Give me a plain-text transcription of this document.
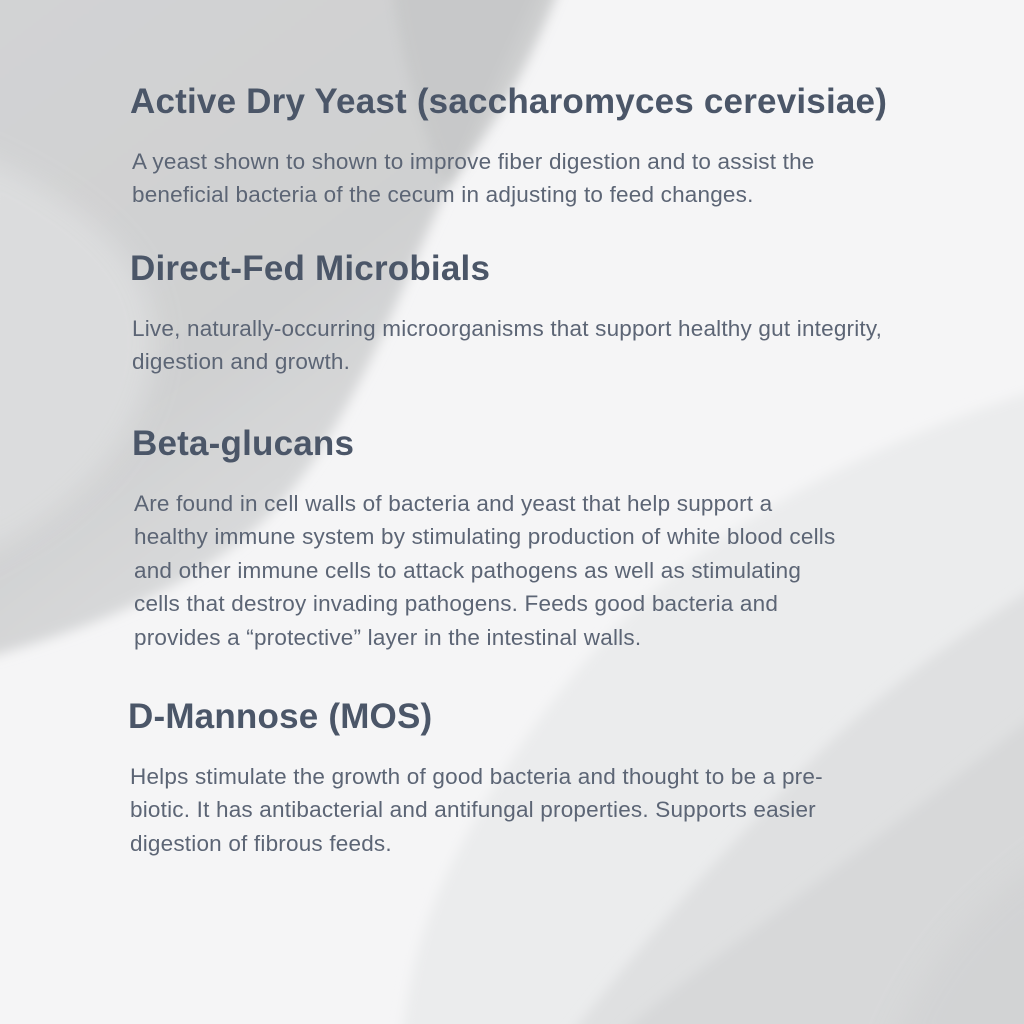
Active Dry Yeast (saccharomyces cerevisiae)

A yeast shown to shown to improve fiber digestion and to assist the
beneficial bacteria of the cecum in adjusting to feed changes.

Direct-Fed Microbials

Live, naturally-occurring microorganisms that support healthy gut integrity,
digestion and growth.

Beta-glucans

Are found in cell walls of bacteria and yeast that help support a
healthy immune system by stimulating production of white blood cells
and other immune cells to attack pathogens as well as stimulating
cells that destroy invading pathogens. Feeds good bacteria and
provides a “protective” layer in the intestinal walls.

D-Mannose (MOS)

Helps stimulate the growth of good bacteria and thought to be a pre-
biotic. It has antibacterial and antifungal properties. Supports easier
digestion of fibrous feeds.
